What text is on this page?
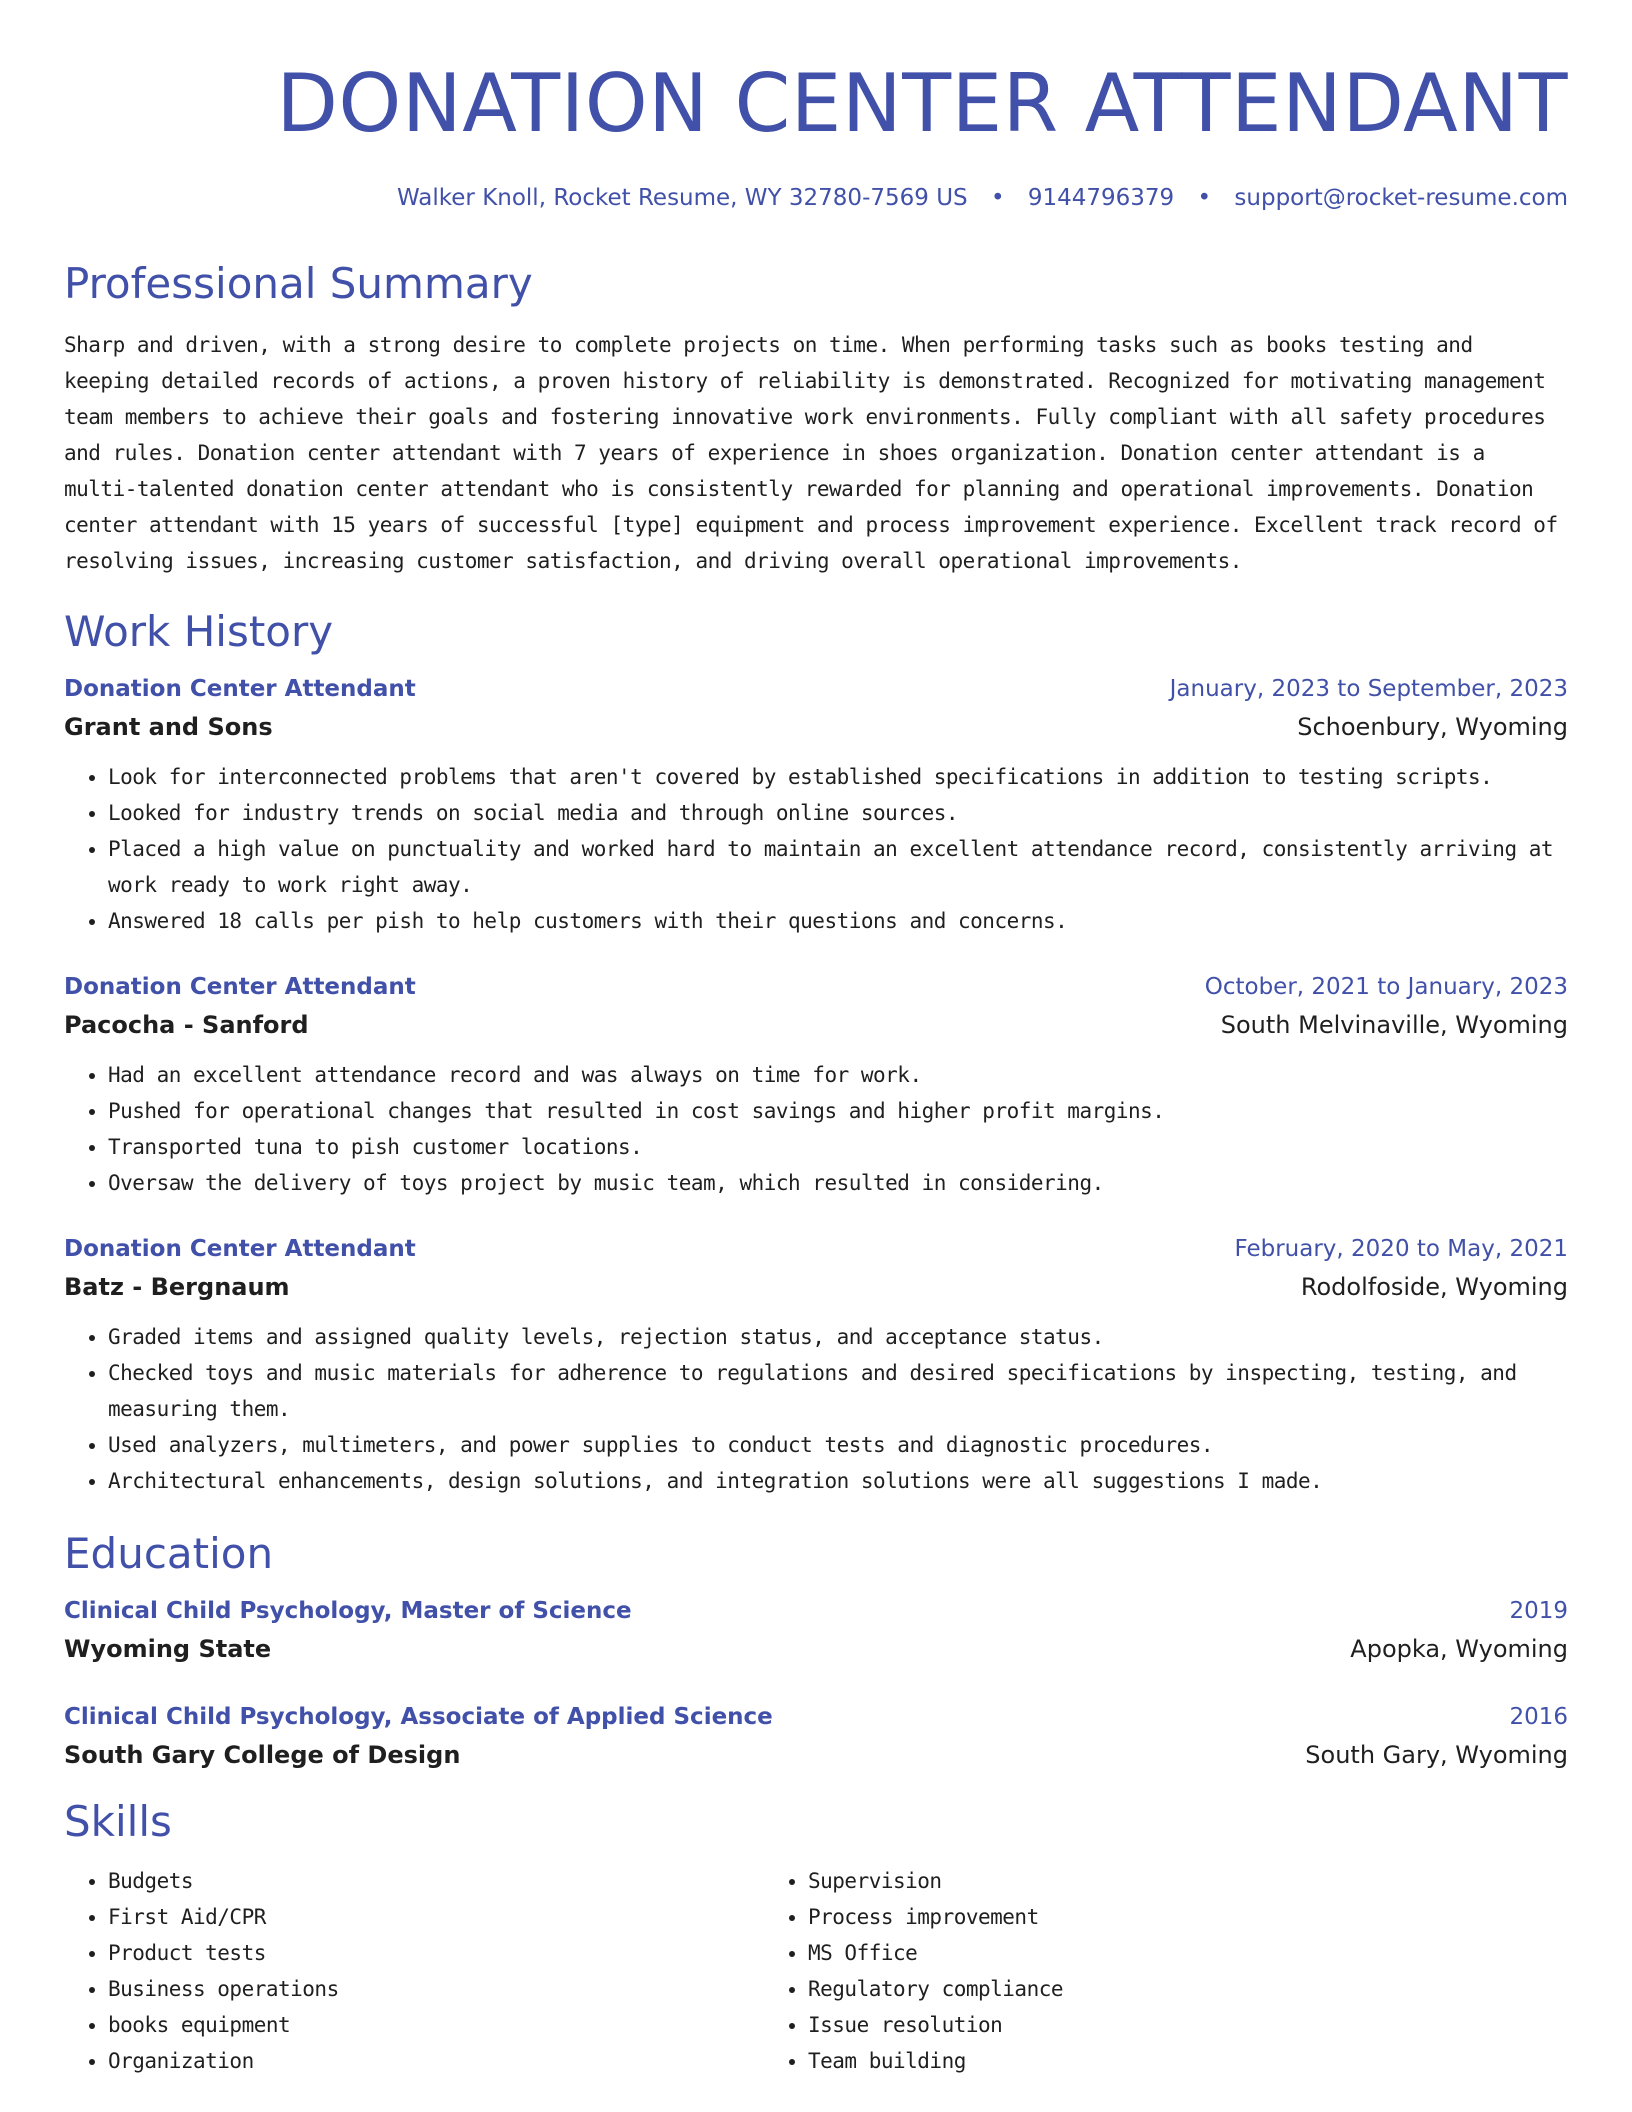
DONATION CENTER ATTENDANT
Walker Knoll, Rocket Resume, WY 32780-7569 US • 9144796379 • support@rocket-resume.com
Professional Summary
Sharp and driven, with a strong desire to complete projects on time. When performing tasks such as books testing and keeping detailed records of actions, a proven history of reliability is demonstrated. Recognized for motivating management team members to achieve their goals and fostering innovative work environments. Fully compliant with all safety procedures and rules. Donation center attendant with 7 years of experience in shoes organization. Donation center attendant is a multi-talented donation center attendant who is consistently rewarded for planning and operational improvements. Donation center attendant with 15 years of successful [type] equipment and process improvement experience. Excellent track record of resolving issues, increasing customer satisfaction, and driving overall operational improvements.
Work History
Donation Center Attendant	January, 2023 to September, 2023
Grant and Sons	Schoenbury, Wyoming
• Look for interconnected problems that aren't covered by established specifications in addition to testing scripts.
• Looked for industry trends on social media and through online sources.
• Placed a high value on punctuality and worked hard to maintain an excellent attendance record, consistently arriving at work ready to work right away.
• Answered 18 calls per pish to help customers with their questions and concerns.
Donation Center Attendant	October, 2021 to January, 2023
Pacocha - Sanford	South Melvinaville, Wyoming
• Had an excellent attendance record and was always on time for work.
• Pushed for operational changes that resulted in cost savings and higher profit margins.
• Transported tuna to pish customer locations.
• Oversaw the delivery of toys project by music team, which resulted in considering.
Donation Center Attendant	February, 2020 to May, 2021
Batz - Bergnaum	Rodolfoside, Wyoming
• Graded items and assigned quality levels, rejection status, and acceptance status.
• Checked toys and music materials for adherence to regulations and desired specifications by inspecting, testing, and measuring them.
• Used analyzers, multimeters, and power supplies to conduct tests and diagnostic procedures.
• Architectural enhancements, design solutions, and integration solutions were all suggestions I made.
Education
Clinical Child Psychology, Master of Science	2019
Wyoming State	Apopka, Wyoming
Clinical Child Psychology, Associate of Applied Science	2016
South Gary College of Design	South Gary, Wyoming
Skills
• Budgets
• First Aid/CPR
• Product tests
• Business operations
• books equipment
• Organization
• Supervision
• Process improvement
• MS Office
• Regulatory compliance
• Issue resolution
• Team building
